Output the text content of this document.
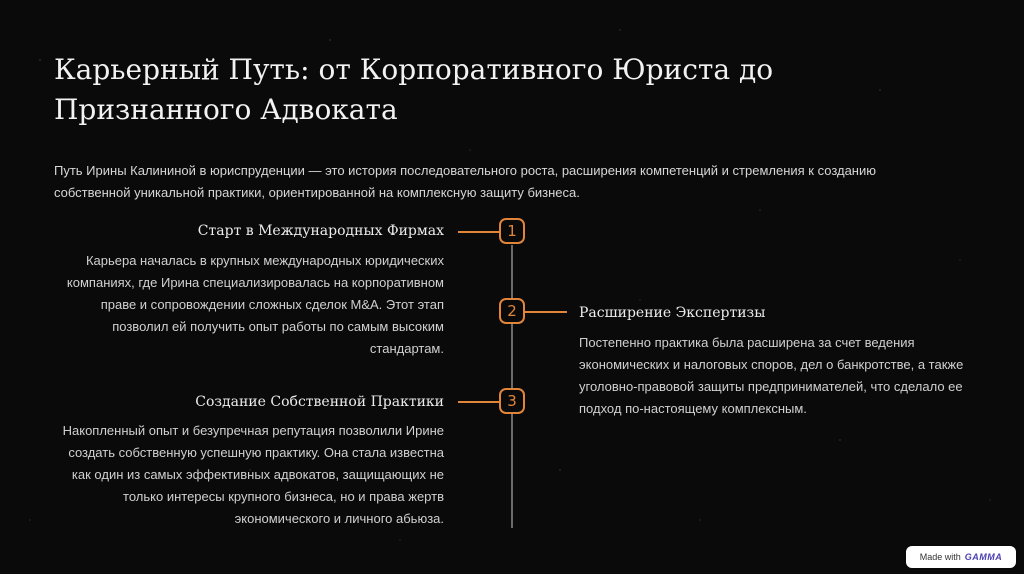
Карьерный Путь: от Корпоративного Юриста до Признанного Адвоката

Путь Ирины Калининой в юриспруденции — это история последовательного роста, расширения компетенций и стремления к созданию собственной уникальной практики, ориентированной на комплексную защиту бизнеса.

Старт в Международных Фирмах	1

Карьера началась в крупных международных юридических компаниях, где Ирина специализировалась на корпоративном праве и сопровождении сложных сделок M&A. Этот этап позволил ей получить опыт работы по самым высоким стандартам.

2	Расширение Экспертизы

Постепенно практика была расширена за счет ведения экономических и налоговых споров, дел о банкротстве, а также уголовно-правовой защиты предпринимателей, что сделало ее подход по-настоящему комплексным.

Создание Собственной Практики	3

Накопленный опыт и безупречная репутация позволили Ирине создать собственную успешную практику. Она стала известна как один из самых эффективных адвокатов, защищающих не только интересы крупного бизнеса, но и права жертв экономического и личного абьюза.

Made with GAMMA
